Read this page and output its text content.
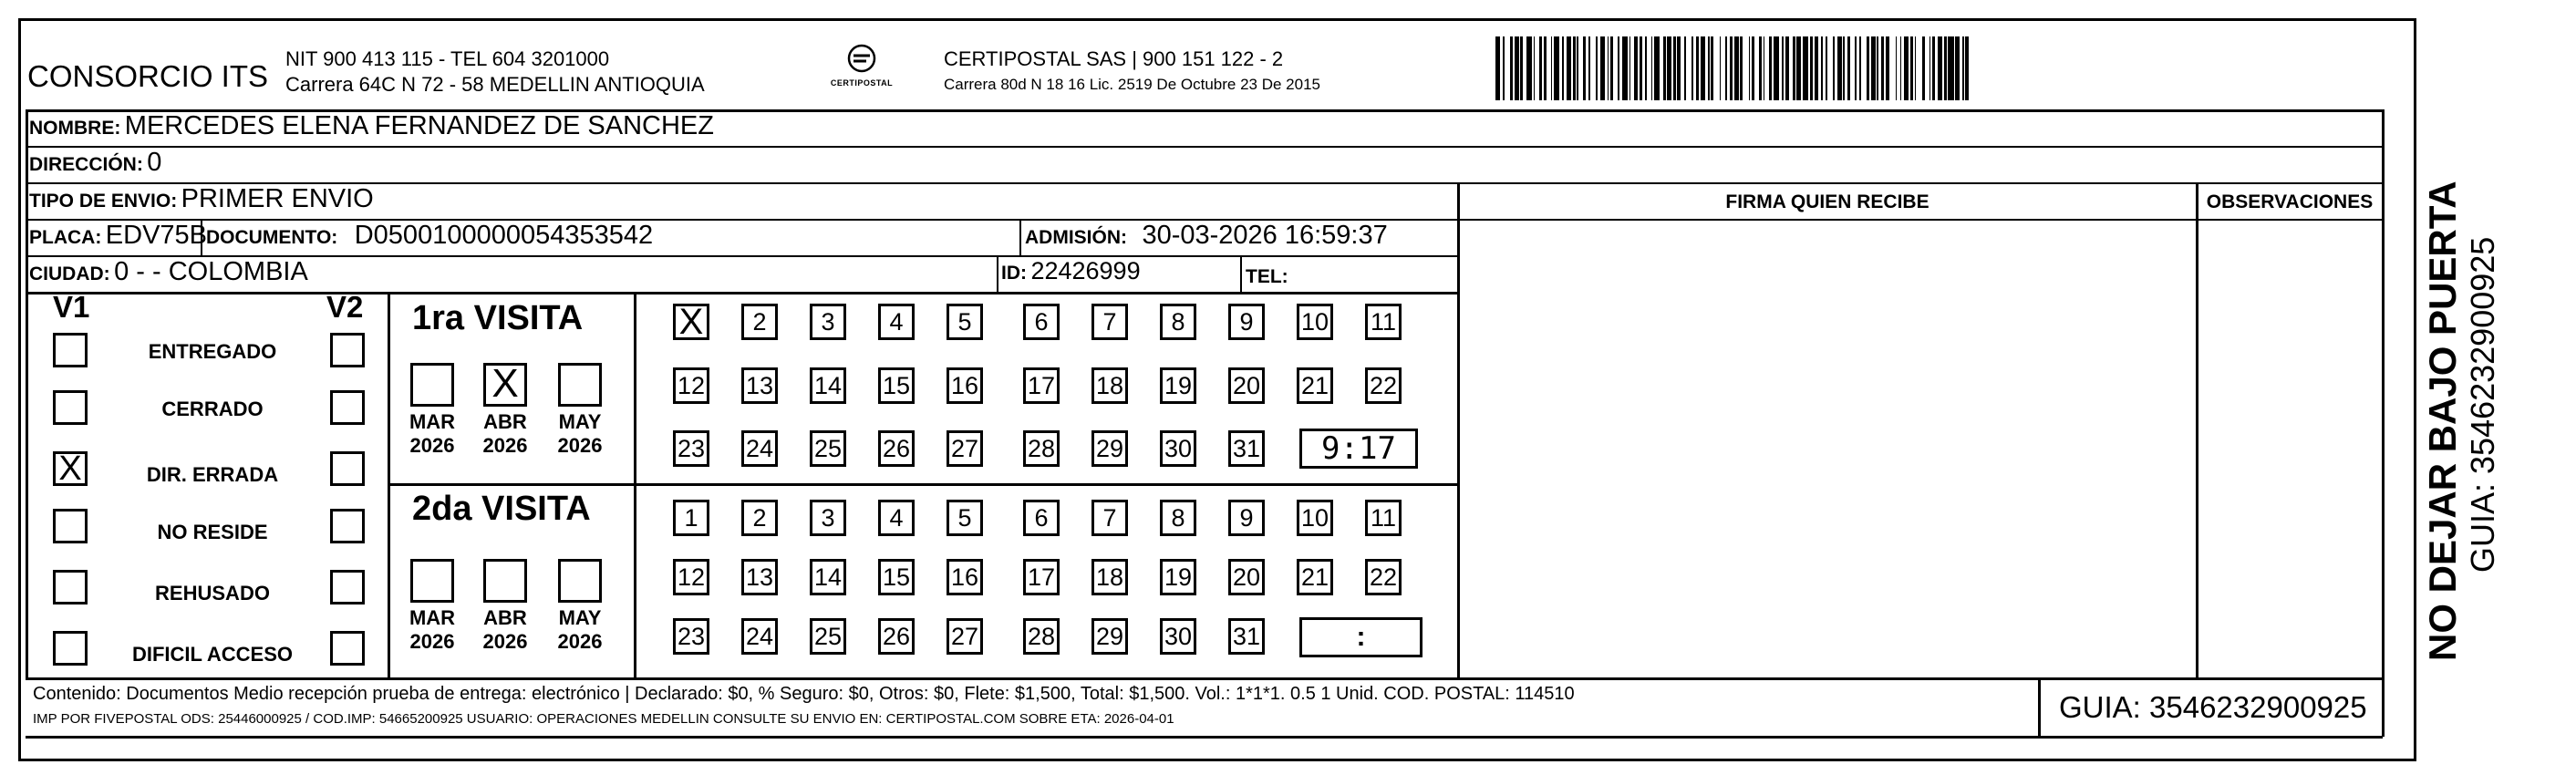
CONSORCIO ITS
NIT 900 413 115 - TEL 604 3201000
Carrera 64C N 72 - 58 MEDELLIN ANTIOQUIA	CERTIPOSTAL
CERTIPOSTAL SAS | 900 151 122 - 2
Carrera 80d N 18 16 Lic. 2519 De Octubre 23 De 2015
NOMBRE: MERCEDES ELENA FERNANDEZ DE SANCHEZ
DIRECCIÓN: 0
TIPO DE ENVIO: PRIMER ENVIO	FIRMA QUIEN RECIBE	OBSERVACIONES
PLACA: EDV75B
DOCUMENTO: D0500100000054353542	ADMISIÓN: 30-03-2026 16:59:37
CIUDAD: 0 - - COLOMBIA	ID: 22426999	TEL:
V1	V2
ENTREGADO
CERRADO
X	DIR. ERRADA
NO RESIDE
REHUSADO
DIFICIL ACCESO
1ra VISITA
MAR
2026
X
ABR
2026
MAY
2026
X	2	3	4	5	6	7	8	9	10 11
12 13 14 15 16 17 18 19 20 21 22
23 24 25 26 27 28 29 30 31	9:17
2da VISITA
MAR
2026
ABR
2026
MAY
2026
1	2	3	4	5	6	7	8	9	10 11
12 13 14 15 16 17 18 19 20 21 22
23 24 25 26 27 28 29 30 31	:
Contenido: Documentos Medio recepción prueba de entrega: electrónico | Declarado: $0, % Seguro: $0, Otros: $0, Flete: $1,500, Total: $1,500. Vol.: 1*1*1. 0.5 1 Unid. COD. POSTAL: 114510
IMP POR FIVEPOSTAL ODS: 25446000925 / COD.IMP: 54665200925 USUARIO: OPERACIONES MEDELLIN CONSULTE SU ENVIO EN: CERTIPOSTAL.COM SOBRE ETA: 2026-04-01	GUIA: 3546232900925
NO DEJAR BAJO PUERTA GUIA: 3546232900925
